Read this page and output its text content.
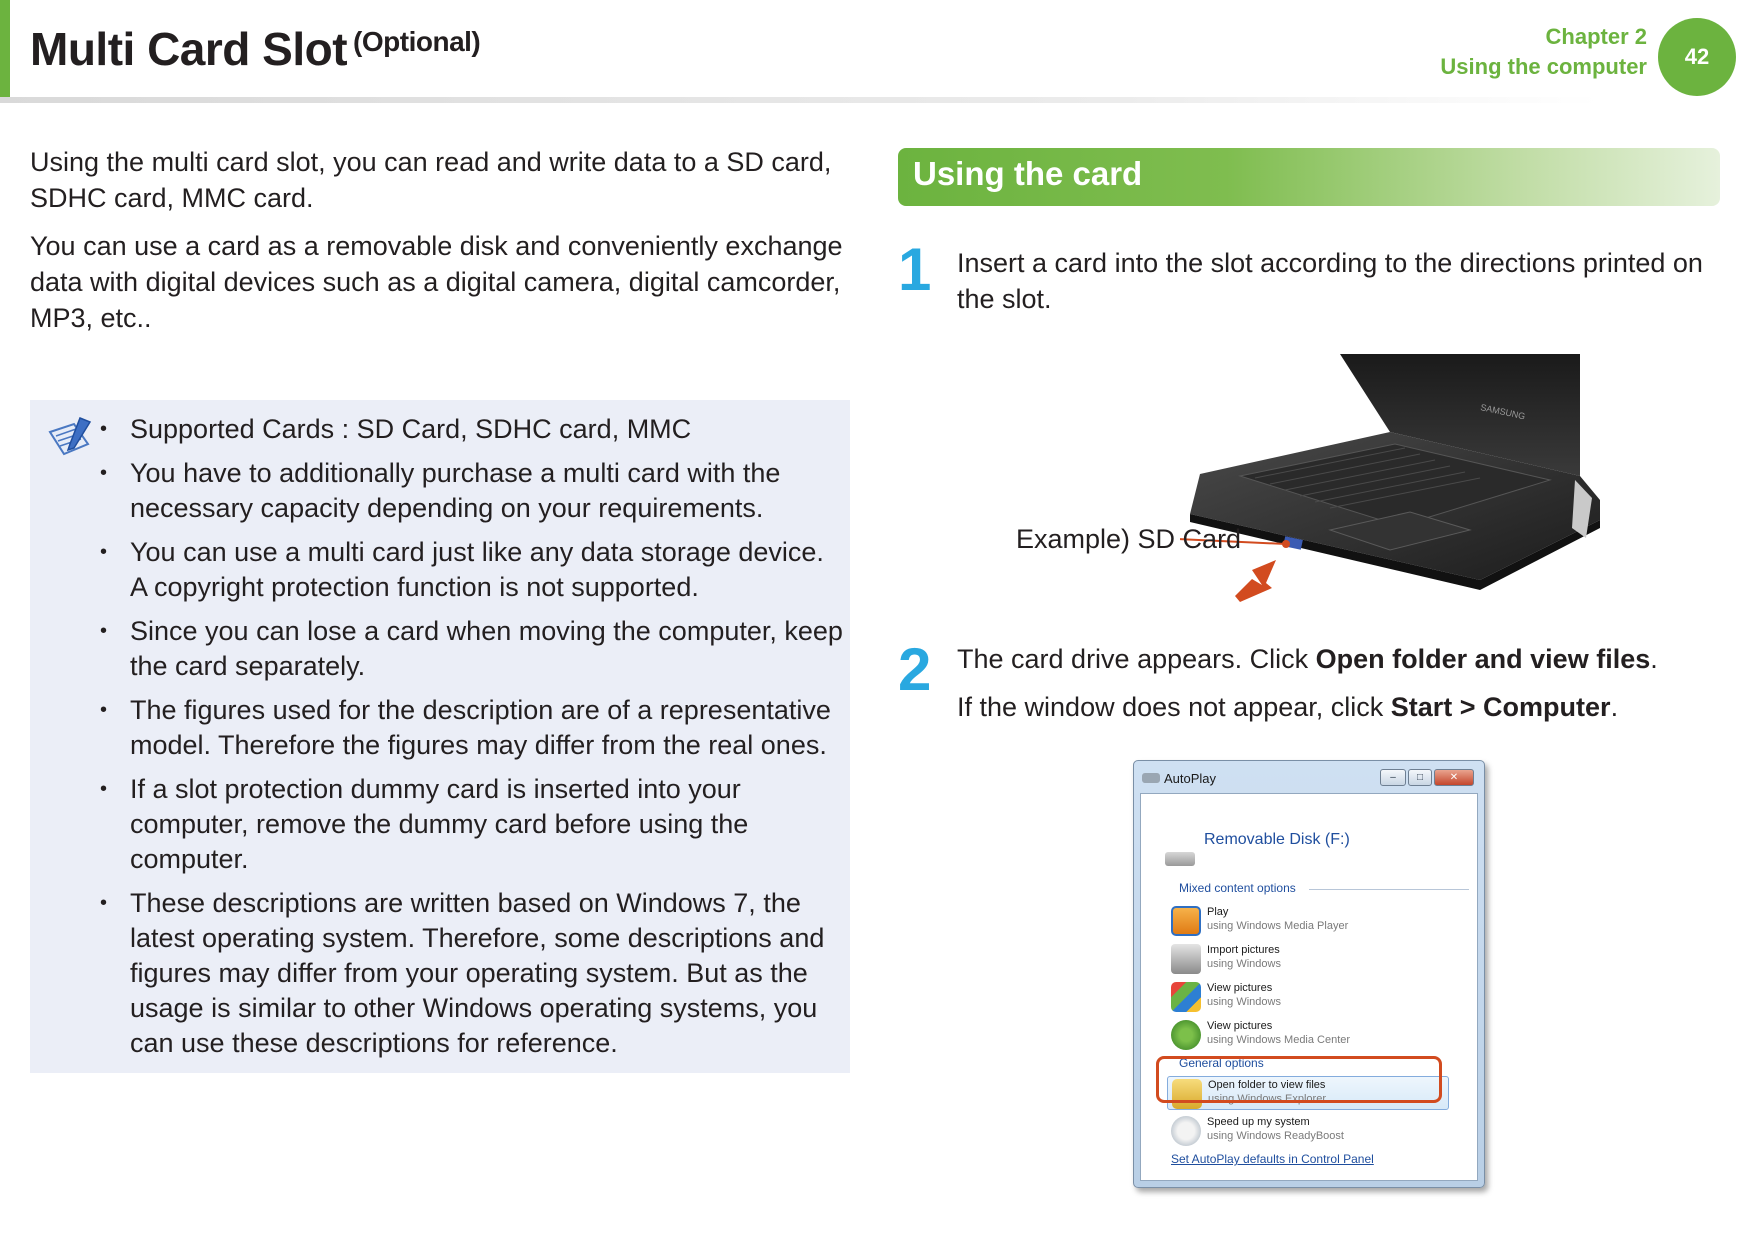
Multi Card Slot $^{(Optional)}$	Chapter 2
Using the computer	42

Using the multi card slot, you can read and write data to a SD card, SDHC card, MMC card.

You can use a card as a removable disk and conveniently exchange data with digital devices such as a digital camera, digital camcorder, MP3, etc..

• Supported Cards : SD Card, SDHC card, MMC
• You have to additionally purchase a multi card with the necessary capacity depending on your requirements.
• You can use a multi card just like any data storage device. A copyright protection function is not supported.
• Since you can lose a card when moving the computer, keep the card separately.
• The figures used for the description are of a representative model. Therefore the figures may differ from the real ones.
• If a slot protection dummy card is inserted into your computer, remove the dummy card before using the computer.
• These descriptions are written based on Windows 7, the latest operating system. Therefore, some descriptions and figures may differ from your operating system. But as the usage is similar to other Windows operating systems, you can use these descriptions for reference.
Using the card
1 Insert a card into the slot according to the directions printed on the slot.
SAMSUNG
Example) SD Card
2 The card drive appears. Click Open folder and view files.
If the window does not appear, click Start > Computer.
AutoPlay	–	□	✕
Removable Disk (F:)
Mixed content options
Play
using Windows Media Player
Import pictures
using Windows
View pictures
using Windows
View pictures
using Windows Media Center
General options
Open folder to view files
using Windows Explorer
Speed up my system
using Windows ReadyBoost
Set AutoPlay defaults in Control Panel
